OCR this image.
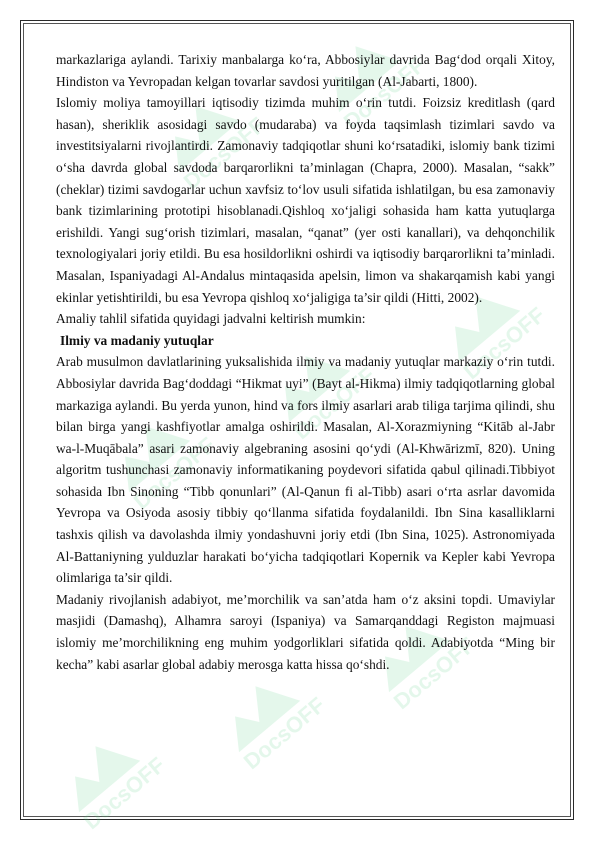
DocsOFF
DocsOFF
DocsOFF
DocsOFF
DocsOFF
DocsOFF
DocsOFF
DocsOFF

markazlariga aylandi. Tarixiy manbalarga ko‘ra, Abbosiylar davrida Bag‘dod orqali Xitoy, Hindiston va Yevropadan kelgan tovarlar savdosi yuritilgan (Al-Jabarti, 1800).

Islomiy moliya tamoyillari iqtisodiy tizimda muhim o‘rin tutdi. Foizsiz kreditlash (qard hasan), sheriklik asosidagi savdo (mudaraba) va foyda taqsimlash tizimlari savdo va investitsiyalarni rivojlantirdi. Zamonaviy tadqiqotlar shuni ko‘rsatadiki, islomiy bank tizimi o‘sha davrda global savdoda barqarorlikni ta’minlagan (Chapra, 2000). Masalan, “sakk” (cheklar) tizimi savdogarlar uchun xavfsiz to‘lov usuli sifatida ishlatilgan, bu esa zamonaviy bank tizimlarining prototipi hisoblanadi.Qishloq xo‘jaligi sohasida ham katta yutuqlarga erishildi. Yangi sug‘orish tizimlari, masalan, “qanat” (yer osti kanallari), va dehqonchilik texnologiyalari joriy etildi. Bu esa hosildorlikni oshirdi va iqtisodiy barqarorlikni ta’minladi. Masalan, Ispaniyadagi Al-Andalus mintaqasida apelsin, limon va shakarqamish kabi yangi ekinlar yetishtirildi, bu esa Yevropa qishloq xo‘jaligiga ta’sir qildi (Hitti, 2002).

Amaliy tahlil sifatida quyidagi jadvalni keltirish mumkin:

Ilmiy va madaniy yutuqlar

Arab musulmon davlatlarining yuksalishida ilmiy va madaniy yutuqlar markaziy o‘rin tutdi. Abbosiylar davrida Bag‘doddagi “Hikmat uyi” (Bayt al-Hikma) ilmiy tadqiqotlarning global markaziga aylandi. Bu yerda yunon, hind va fors ilmiy asarlari arab tiliga tarjima qilindi, shu bilan birga yangi kashfiyotlar amalga oshirildi. Masalan, Al-Xorazmiyning “Kitāb al-Jabr wa-l-Muqābala” asari zamonaviy algebraning asosini qo‘ydi (Al-Khwārizmī, 820). Uning algoritm tushunchasi zamonaviy informatikaning poydevori sifatida qabul qilinadi.Tibbiyot sohasida Ibn Sinoning “Tibb qonunlari” (Al-Qanun fi al-Tibb) asari o‘rta asrlar davomida Yevropa va Osiyoda asosiy tibbiy qo‘llanma sifatida foydalanildi. Ibn Sina kasalliklarni tashxis qilish va davolashda ilmiy yondashuvni joriy etdi (Ibn Sina, 1025). Astronomiyada Al-Battaniyning yulduzlar harakati bo‘yicha tadqiqotlari Kopernik va Kepler kabi Yevropa olimlariga ta’sir qildi.

Madaniy rivojlanish adabiyot, me’morchilik va san’atda ham o‘z aksini topdi. Umaviylar masjidi (Damashq), Alhamra saroyi (Ispaniya) va Samarqanddagi Registon majmuasi islomiy me’morchilikning eng muhim yodgorliklari sifatida qoldi. Adabiyotda “Ming bir kecha” kabi asarlar global adabiy merosga katta hissa qo‘shdi.
